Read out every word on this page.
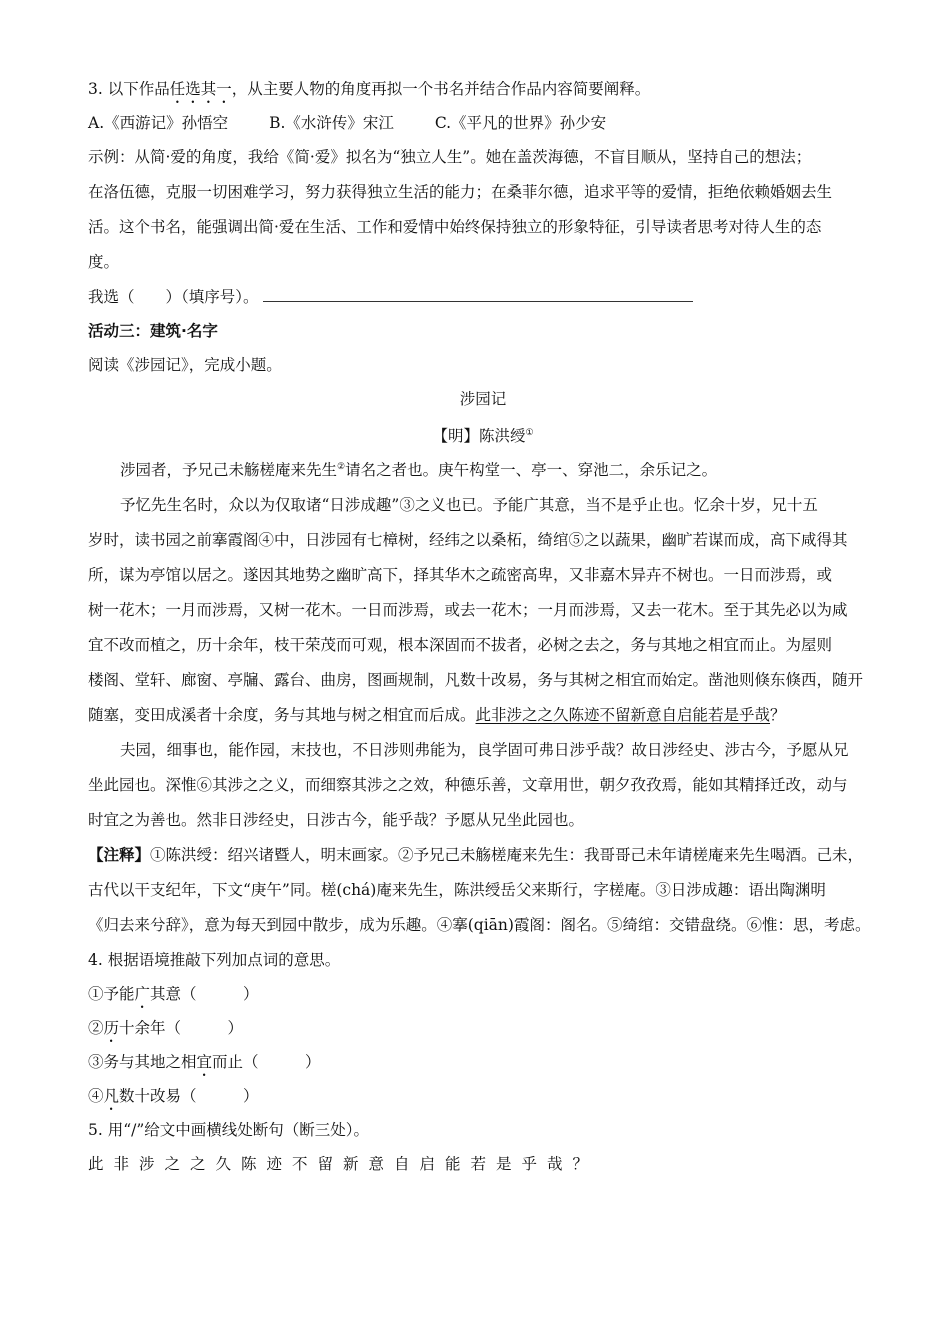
3. 以下作品任选其一，从主要人物的角度再拟一个书名并结合作品内容简要阐释。

A.《西游记》孙悟空	B.《水浒传》宋江	C.《平凡的世界》孙少安

示例：从简·爱的角度，我给《简·爱》拟名为“独立人生”。她在盖茨海德，不盲目顺从，坚持自己的想法；

在洛伍德，克服一切困难学习，努力获得独立生活的能力；在桑菲尔德，追求平等的爱情，拒绝依赖婚姻去生

活。这个书名，能强调出简·爱在生活、工作和爱情中始终保持独立的形象特征，引导读者思考对待人生的态

度。

我选（　　）（填序号）。

活动三：建筑·名字

阅读《涉园记》，完成小题。

涉园记

【明】陈洪绶①

涉园者，予兄己未觞槎庵来先生②请名之者也。庚午构堂一、亭一、穿池二，余乐记之。

予忆先生名时，众以为仅取诸“日涉成趣”③之义也已。予能广其意，当不是乎止也。忆余十岁，兄十五

岁时，读书园之前搴霞阁④中，日涉园有七樟树，经纬之以桑柘，绮绾⑤之以蔬果，幽旷若谋而成，高下咸得其

所，谋为亭馆以居之。遂因其地势之幽旷高下，择其华木之疏密高卑，又非嘉木异卉不树也。一日而涉焉，或

树一花木；一月而涉焉，又树一花木。一日而涉焉，或去一花木；一月而涉焉，又去一花木。至于其先必以为咸

宜不改而植之，历十余年，枝干荣茂而可观，根本深固而不拔者，必树之去之，务与其地之相宜而止。为屋则

楼阁、堂轩、廊窗、亭牖、露台、曲房，图画规制，凡数十改易，务与其树之相宜而始定。凿池则倏东倏西，随开

随塞，变田成溪者十余度，务与其地与树之相宜而后成。此非涉之之久陈迹不留新意自启能若是乎哉？

夫园，细事也，能作园，末技也，不日涉则弗能为，良学固可弗日涉乎哉？故日涉经史、涉古今，予愿从兄

坐此园也。深惟⑥其涉之之义，而细察其涉之之效，种德乐善，文章用世，朝夕孜孜焉，能如其精择迁改，动与

时宜之为善也。然非日涉经史，日涉古今，能乎哉？予愿从兄坐此园也。

【注释】①陈洪绶：绍兴诸暨人，明末画家。②予兄己未觞槎庵来先生：我哥哥己未年请槎庵来先生喝酒。己未，

古代以干支纪年，下文“庚午”同。槎(chá)庵来先生，陈洪绶岳父来斯行，字槎庵。③日涉成趣：语出陶渊明

《归去来兮辞》，意为每天到园中散步，成为乐趣。④搴(qiān)霞阁：阁名。⑤绮绾：交错盘绕。⑥惟：思，考虑。

4. 根据语境推敲下列加点词的意思。

①予能广其意（　　　）

②历十余年（　　　）

③务与其地之相宜而止（　　　）

④凡数十改易（　　　）

5. 用“/”给文中画横线处断句（断三处）。

此非涉之之久陈迹不留新意自启能若是乎哉？
